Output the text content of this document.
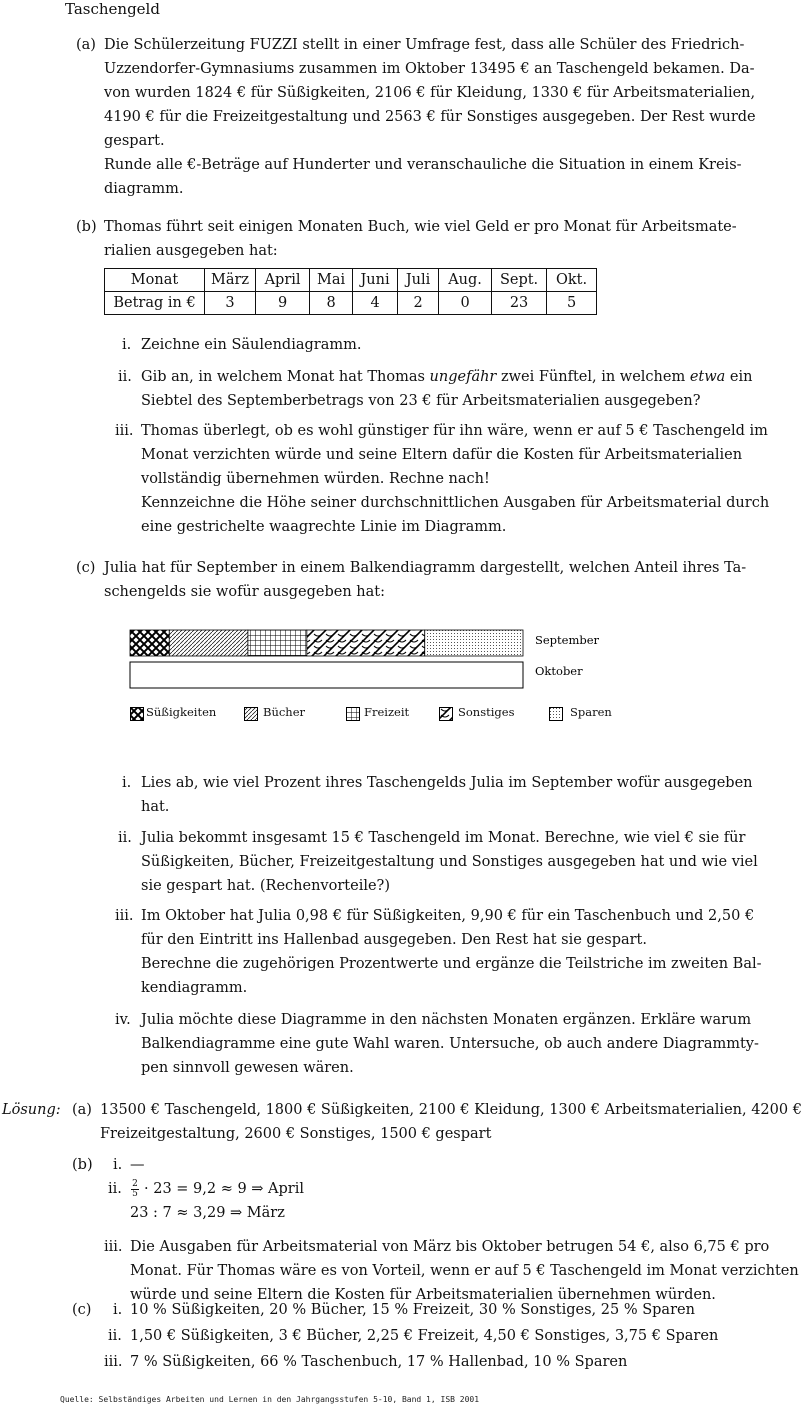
Taschengeld
(a) Die Schülerzeitung FUZZI stellt in einer Umfrage fest, dass alle Schüler des Friedrich-
Uzzendorfer-Gymnasiums zusammen im Oktober 13495 € an Taschengeld bekamen. Da-
von wurden 1824 € für Süßigkeiten, 2106 € für Kleidung, 1330 € für Arbeitsmaterialien,
4190 € für die Freizeitgestaltung und 2563 € für Sonstiges ausgegeben. Der Rest wurde
gespart.
Runde alle €-Beträge auf Hunderter und veranschauliche die Situation in einem Kreis-
diagramm.
(b) Thomas führt seit einigen Monaten Buch, wie viel Geld er pro Monat für Arbeitsmate-
rialien ausgegeben hat:
Monat	März	April	Mai	Juni	Juli	Aug.	Sept.	Okt.
Betrag in €	3	9	8	4	2	0	23	5
i. Zeichne ein Säulendiagramm.
ii. Gib an, in welchem Monat hat Thomas ungefähr zwei Fünftel, in welchem etwa ein
Siebtel des Septemberbetrags von 23 € für Arbeitsmaterialien ausgegeben?
iii. Thomas überlegt, ob es wohl günstiger für ihn wäre, wenn er auf 5 € Taschengeld im
Monat verzichten würde und seine Eltern dafür die Kosten für Arbeitsmaterialien
vollständig übernehmen würden. Rechne nach!
Kennzeichne die Höhe seiner durchschnittlichen Ausgaben für Arbeitsmaterial durch
eine gestrichelte waagrechte Linie im Diagramm.
(c) Julia hat für September in einem Balkendiagramm dargestellt, welchen Anteil ihres Ta-
schengelds sie wofür ausgegeben hat:
September
Oktober
Süßigkeiten	Bücher	Freizeit	Sonstiges	Sparen
i. Lies ab, wie viel Prozent ihres Taschengelds Julia im September wofür ausgegeben
hat.
ii. Julia bekommt insgesamt 15 € Taschengeld im Monat. Berechne, wie viel € sie für
Süßigkeiten, Bücher, Freizeitgestaltung und Sonstiges ausgegeben hat und wie viel
sie gespart hat. (Rechenvorteile?)
iii. Im Oktober hat Julia 0,98 € für Süßigkeiten, 9,90 € für ein Taschenbuch und 2,50 €
für den Eintritt ins Hallenbad ausgegeben. Den Rest hat sie gespart.
Berechne die zugehörigen Prozentwerte und ergänze die Teilstriche im zweiten Bal-
kendiagramm.
iv. Julia möchte diese Diagramme in den nächsten Monaten ergänzen. Erkläre warum
Balkendiagramme eine gute Wahl waren. Untersuche, ob auch andere Diagrammty-
pen sinnvoll gewesen wären.
Lösung: (a) 13500 € Taschengeld, 1800 € Süßigkeiten, 2100 € Kleidung, 1300 € Arbeitsmaterialien, 4200 €
Freizeitgestaltung, 2600 € Sonstiges, 1500 € gespart
(b) i. —
ii. 2
5 · 23 = 9,2 ≈ 9 ⇒ April
23 : 7 ≈ 3,29 ⇒ März
iii. Die Ausgaben für Arbeitsmaterial von März bis Oktober betrugen 54 €, also 6,75 € pro
Monat. Für Thomas wäre es von Vorteil, wenn er auf 5 € Taschengeld im Monat verzichten
würde und seine Eltern die Kosten für Arbeitsmaterialien übernehmen würden.
(c) i. 10 % Süßigkeiten, 20 % Bücher, 15 % Freizeit, 30 % Sonstiges, 25 % Sparen
ii. 1,50 € Süßigkeiten, 3 € Bücher, 2,25 € Freizeit, 4,50 € Sonstiges, 3,75 € Sparen
iii. 7 % Süßigkeiten, 66 % Taschenbuch, 17 % Hallenbad, 10 % Sparen
Quelle: Selbständiges Arbeiten und Lernen in den Jahrgangsstufen 5-10, Band 1, ISB 2001
